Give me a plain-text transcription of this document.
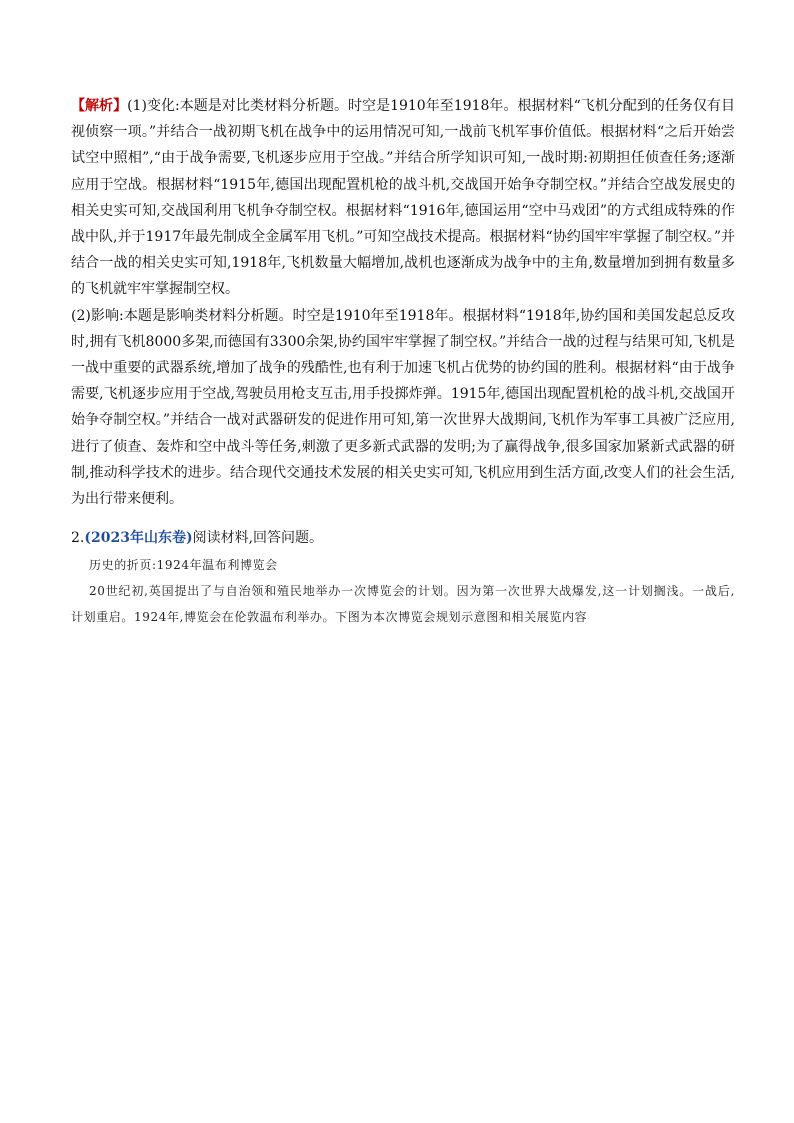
【解析】(1)变化:本题是对比类材料分析题。时空是1910年至1918年。根据材料“飞机分配到的任务仅有目视侦察一项。”并结合一战初期飞机在战争中的运用情况可知,一战前飞机军事价值低。根据材料“之后开始尝试空中照相”,“由于战争需要,飞机逐步应用于空战。”并结合所学知识可知,一战时期:初期担任侦查任务;逐渐应用于空战。根据材料“1915年,德国出现配置机枪的战斗机,交战国开始争夺制空权。”并结合空战发展史的相关史实可知,交战国利用飞机争夺制空权。根据材料“1916年,德国运用“空中马戏团”的方式组成特殊的作战中队,并于1917年最先制成全金属军用飞机。”可知空战技术提高。根据材料“协约国牢牢掌握了制空权。”并结合一战的相关史实可知,1918年,飞机数量大幅增加,战机也逐渐成为战争中的主角,数量增加到拥有数量多的飞机就牢牢掌握制空权。

(2)影响:本题是影响类材料分析题。时空是1910年至1918年。根据材料“1918年,协约国和美国发起总反攻时,拥有飞机8000多架,而德国有3300余架,协约国牢牢掌握了制空权。”并结合一战的过程与结果可知,飞机是一战中重要的武器系统,增加了战争的残酷性,也有利于加速飞机占优势的协约国的胜利。根据材料“由于战争需要,飞机逐步应用于空战,驾驶员用枪支互击,用手投掷炸弹。1915年,德国出现配置机枪的战斗机,交战国开始争夺制空权。”并结合一战对武器研发的促进作用可知,第一次世界大战期间,飞机作为军事工具被广泛应用,进行了侦查、轰炸和空中战斗等任务,刺激了更多新式武器的发明;为了赢得战争,很多国家加紧新式武器的研制,推动科学技术的进步。结合现代交通技术发展的相关史实可知,飞机应用到生活方面,改变人们的社会生活,为出行带来便利。

2.(2023年山东卷)阅读材料,回答问题。
历史的折页:1924年温布利博览会
20世纪初,英国提出了与自治领和殖民地举办一次博览会的计划。因为第一次世界大战爆发,这一计划搁浅。一战后,计划重启。1924年,博览会在伦敦温布利举办。下图为本次博览会规划示意图和相关展览内容
